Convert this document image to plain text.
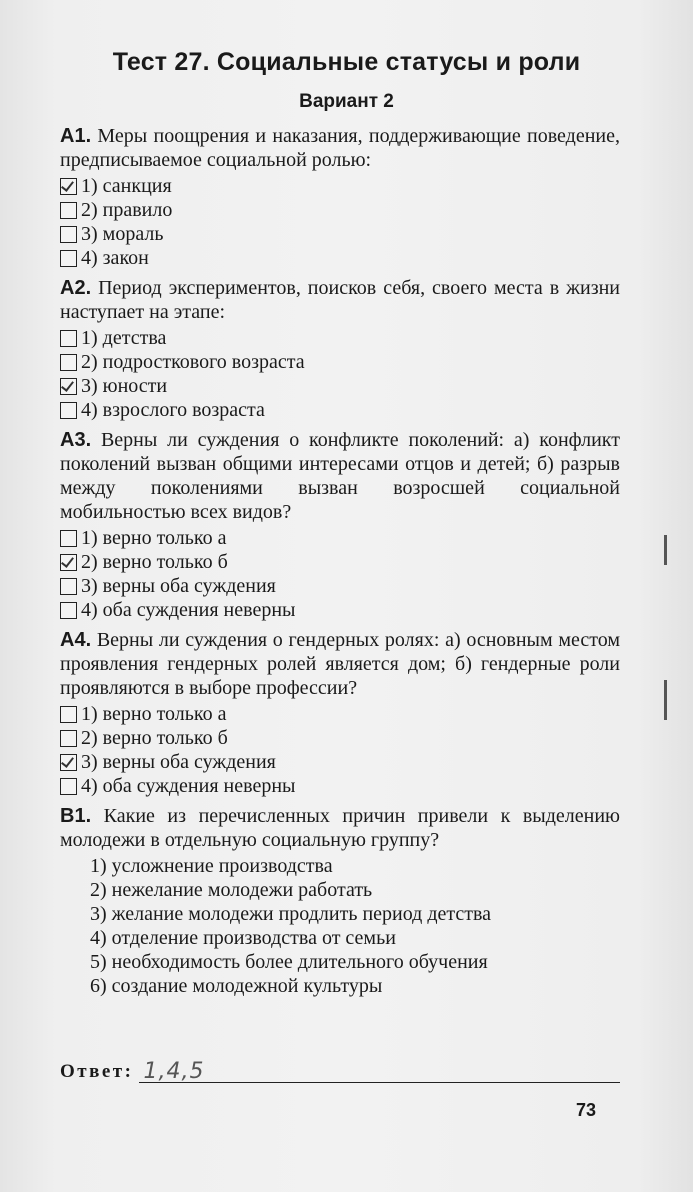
Тест 27. Социальные статусы и роли
Вариант 2
А1. Меры поощрения и наказания, поддерживающие поведение, предписываемое социальной ролью:
1) санкция
2) правило
3) мораль
4) закон
А2. Период экспериментов, поисков себя, своего места в жизни наступает на этапе:
1) детства
2) подросткового возраста
3) юности
4) взрослого возраста
А3. Верны ли суждения о конфликте поколений: а) конфликт поколений вызван общими интересами отцов и детей; б) разрыв между поколениями вызван возросшей социальной мобильностью всех видов?
1) верно только а
2) верно только б
3) верны оба суждения
4) оба суждения неверны
А4. Верны ли суждения о гендерных ролях: а) основным местом проявления гендерных ролей является дом; б) гендерные роли проявляются в выборе профессии?
1) верно только а
2) верно только б
3) верны оба суждения
4) оба суждения неверны
В1. Какие из перечисленных причин привели к выделению молодежи в отдельную социальную группу?
1) усложнение производства
2) нежелание молодежи работать
3) желание молодежи продлить период детства
4) отделение производства от семьи
5) необходимость более длительного обучения
6) создание молодежной культуры
Ответ: 1,4,5
73
